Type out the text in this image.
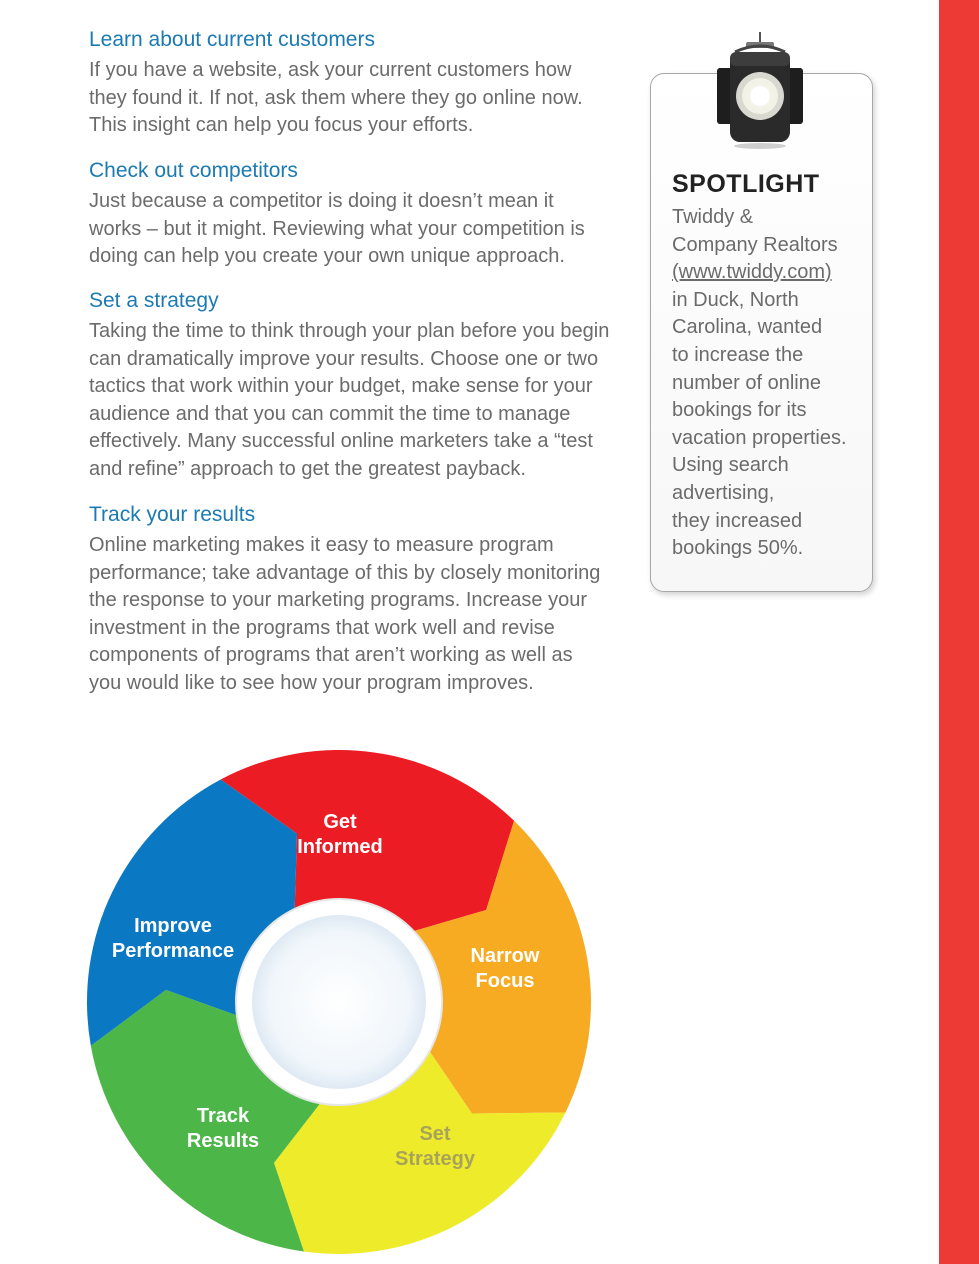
Learn about current customers

If you have a website, ask your current customers how
they found it. If not, ask them where they go online now.
This insight can help you focus your efforts.

Check out competitors

Just because a competitor is doing it doesn’t mean it
works – but it might. Reviewing what your competition is
doing can help you create your own unique approach.

Set a strategy

Taking the time to think through your plan before you begin
can dramatically improve your results. Choose one or two
tactics that work within your budget, make sense for your
audience and that you can commit the time to manage
effectively. Many successful online marketers take a “test
and refine” approach to get the greatest payback.

Track your results

Online marketing makes it easy to measure program
performance; take advantage of this by closely monitoring
the response to your marketing programs. Increase your
investment in the programs that work well and revise
components of programs that aren’t working as well as
you would like to see how your program improves.

SPOTLIGHT
Twiddy &
Company Realtors
(www.twiddy.com)
in Duck, North
Carolina, wanted
to increase the
number of online
bookings for its
vacation properties.
Using search
advertising,
they increased
bookings 50%.
Get Informed
Narrow Focus
Set Strategy
Track Results
Improve Performance
